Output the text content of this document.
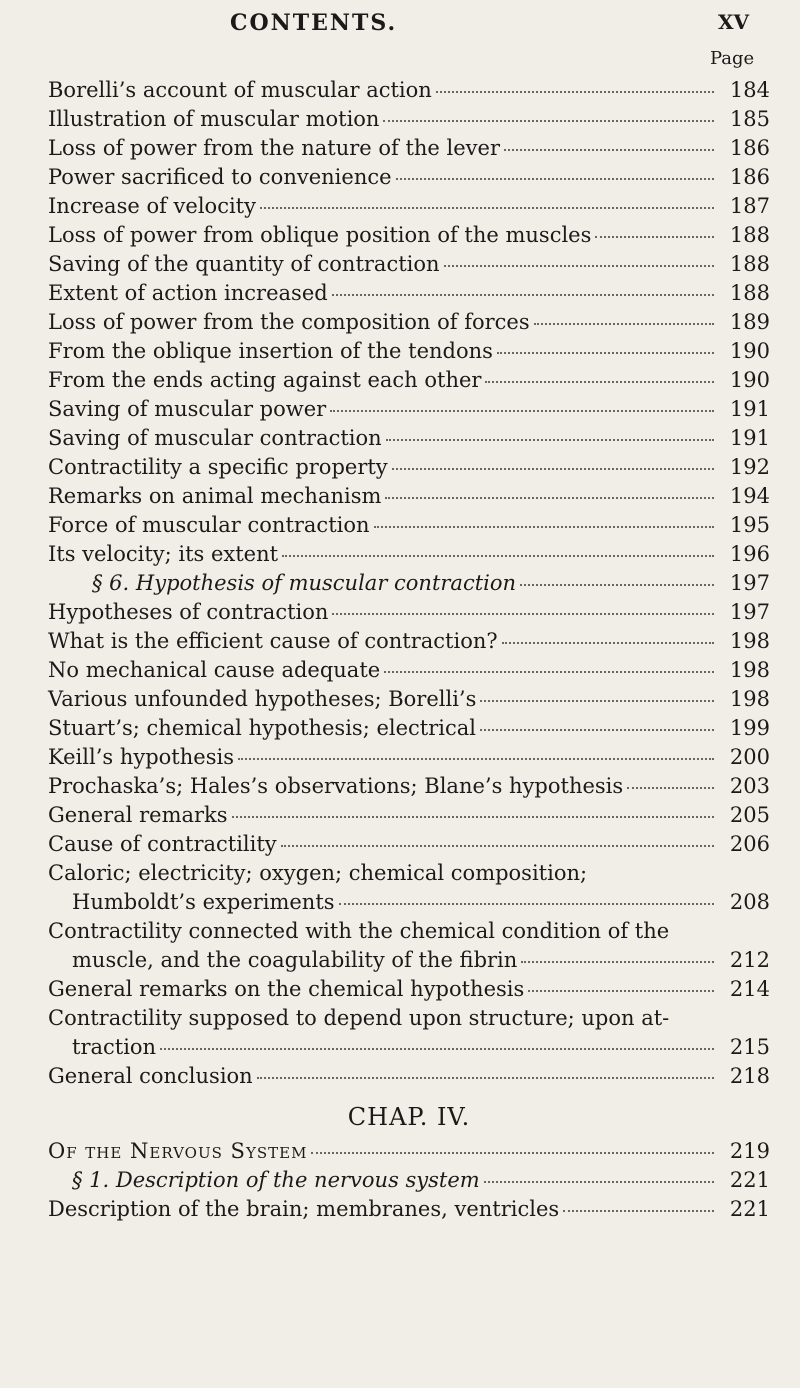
CONTENTS.	XV
Page
Borelli’s account of muscular action	184
Illustration of muscular motion	185
Loss of power from the nature of the lever	186
Power sacrificed to convenience	186
Increase of velocity	187
Loss of power from oblique position of the muscles	188
Saving of the quantity of contraction	188
Extent of action increased	188
Loss of power from the composition of forces	189
From the oblique insertion of the tendons	190
From the ends acting against each other	190
Saving of muscular power	191
Saving of muscular contraction	191
Contractility a specific property	192
Remarks on animal mechanism	194
Force of muscular contraction	195
Its velocity; its extent	196
§ 6. Hypothesis of muscular contraction	197
Hypotheses of contraction	197
What is the efficient cause of contraction?	198
No mechanical cause adequate	198
Various unfounded hypotheses; Borelli’s	198
Stuart’s; chemical hypothesis; electrical	199
Keill’s hypothesis	200
Prochaska’s; Hales’s observations; Blane’s hypothesis	203
General remarks	205
Cause of contractility	206
Caloric; electricity; oxygen; chemical composition;
Humboldt’s experiments	208
Contractility connected with the chemical condition of the
muscle, and the coagulability of the fibrin	212
General remarks on the chemical hypothesis	214
Contractility supposed to depend upon structure; upon at-
traction	215
General conclusion	218
CHAP. IV.
Of the Nervous System	219
§ 1. Description of the nervous system	221
Description of the brain; membranes, ventricles	221
